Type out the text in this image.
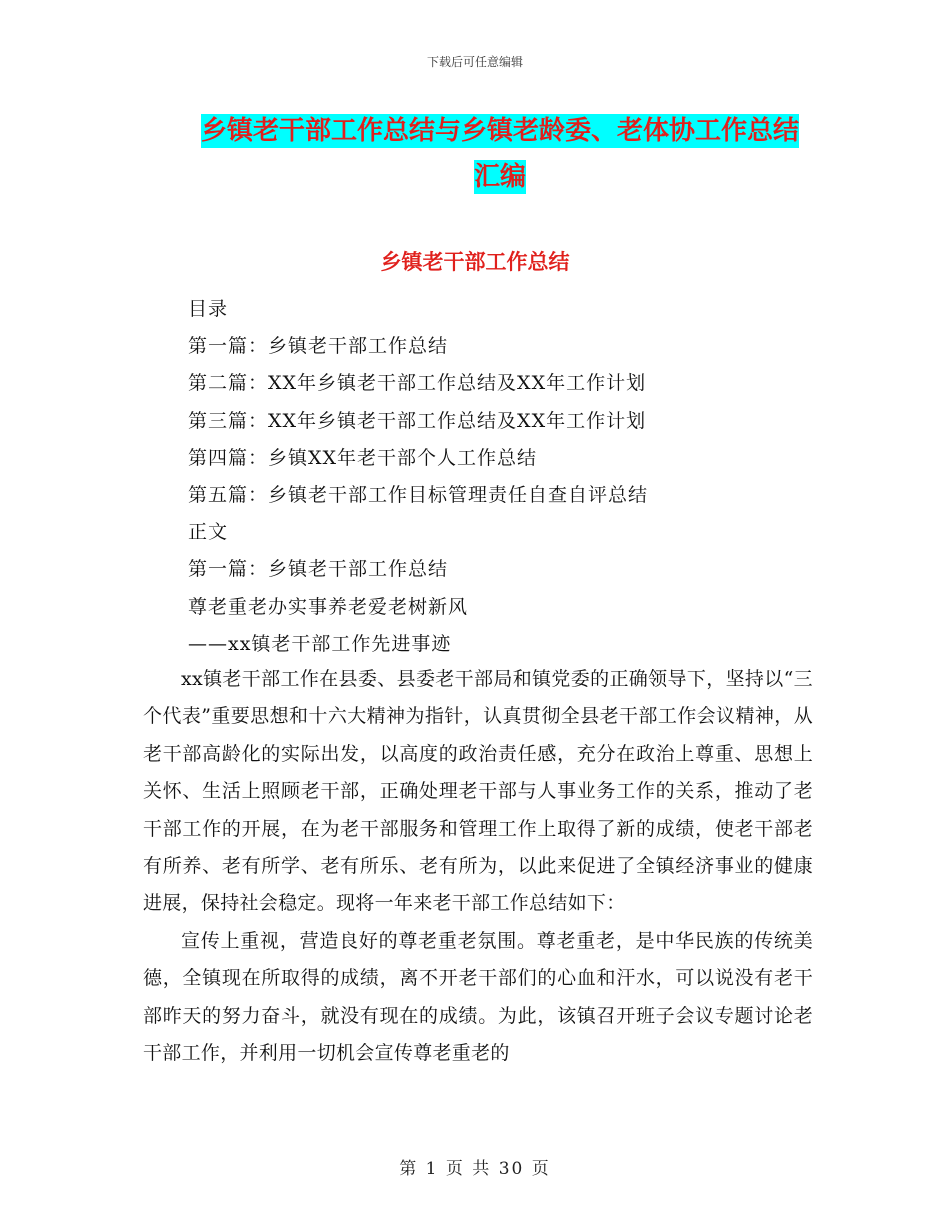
下载后可任意编辑
乡镇老干部工作总结与乡镇老龄委、老体协工作总结
汇编
乡镇老干部工作总结
目录
第一篇：乡镇老干部工作总结
第二篇：XX年乡镇老干部工作总结及XX年工作计划
第三篇：XX年乡镇老干部工作总结及XX年工作计划
第四篇：乡镇XX年老干部个人工作总结
第五篇：乡镇老干部工作目标管理责任自查自评总结
正文
第一篇：乡镇老干部工作总结
尊老重老办实事养老爱老树新风
——xx镇老干部工作先进事迹

xx镇老干部工作在县委、县委老干部局和镇党委的正确领导下，坚持以“三个代表”重要思想和十六大精神为指针，认真贯彻全县老干部工作会议精神，从老干部高龄化的实际出发，以高度的政治责任感，充分在政治上尊重、思想上关怀、生活上照顾老干部，正确处理老干部与人事业务工作的关系，推动了老干部工作的开展，在为老干部服务和管理工作上取得了新的成绩，使老干部老有所养、老有所学、老有所乐、老有所为，以此来促进了全镇经济事业的健康进展，保持社会稳定。现将一年来老干部工作总结如下：

宣传上重视，营造良好的尊老重老氛围。尊老重老，是中华民族的传统美德，全镇现在所取得的成绩，离不开老干部们的心血和汗水，可以说没有老干部昨天的努力奋斗，就没有现在的成绩。为此，该镇召开班子会议专题讨论老干部工作，并利用一切机会宣传尊老重老的

第 1 页 共 30 页
